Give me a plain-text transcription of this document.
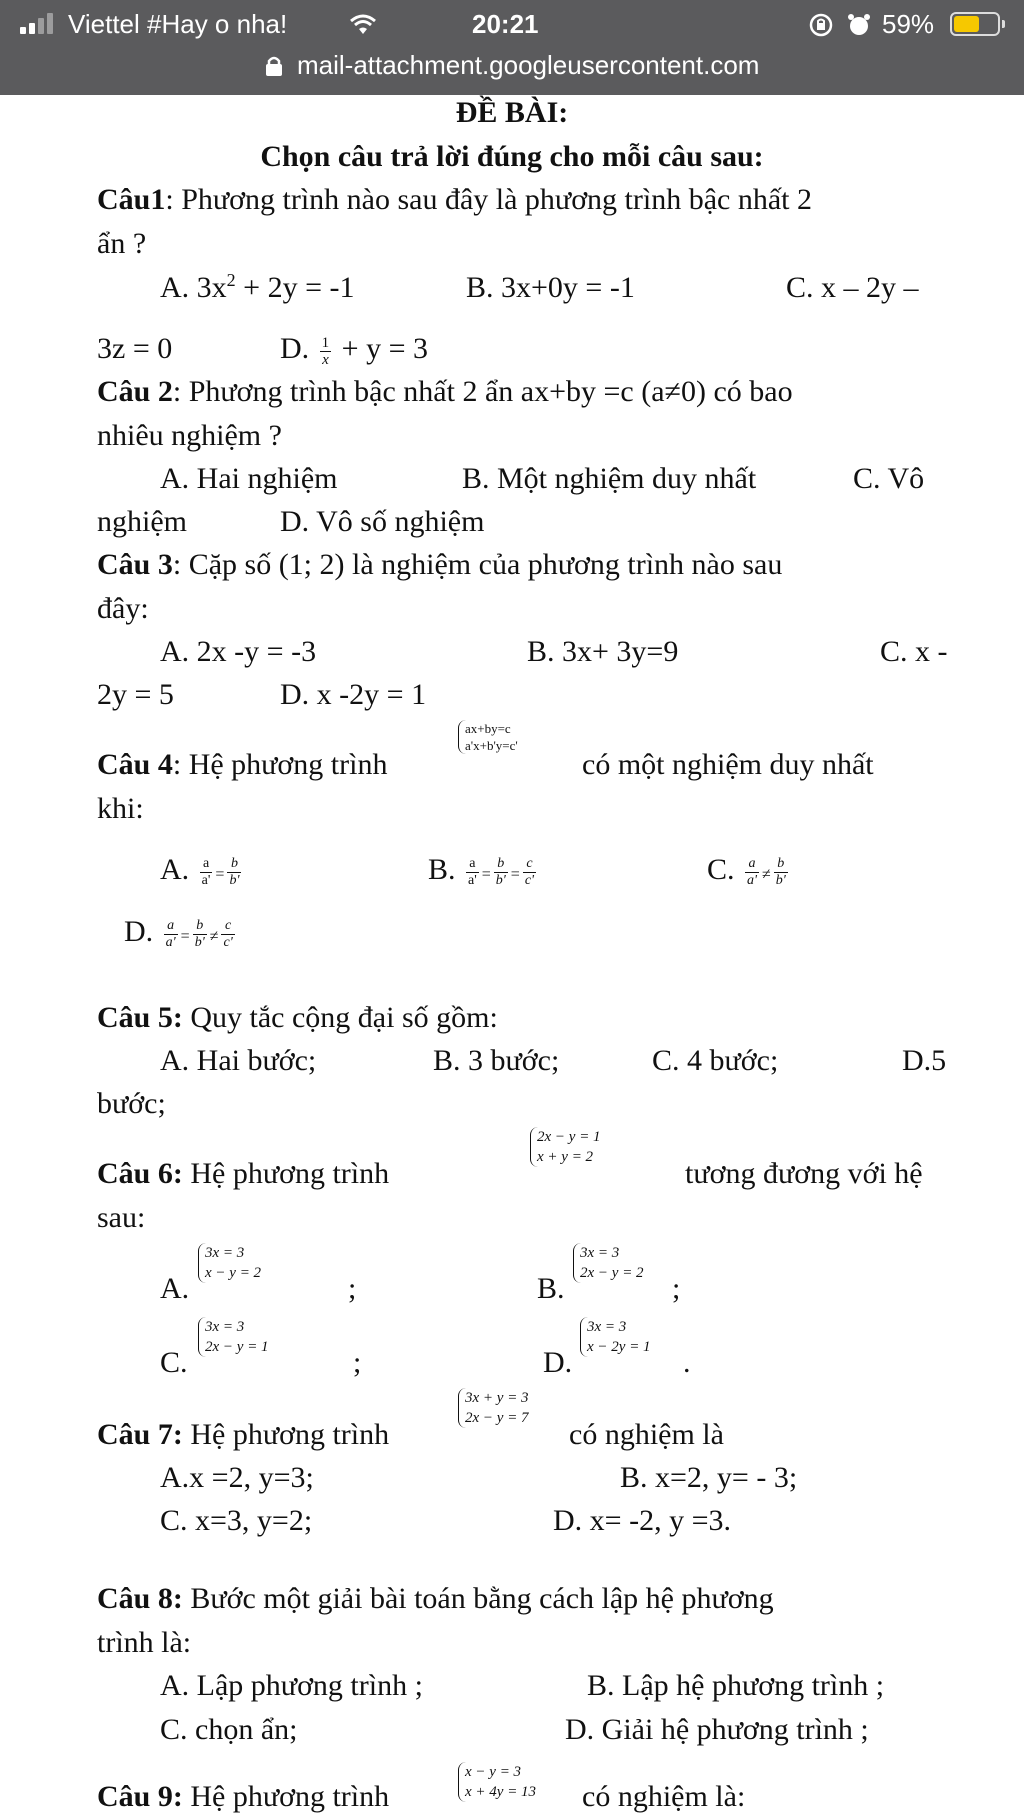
Viettel #Hay o nha!	20:21	59%
mail-attachment.googleusercontent.com
ĐỀ BÀI:
Chọn câu trả lời đúng cho mỗi câu sau:
Câu1: Phương trình nào sau đây là phương trình bậc nhất 2
ẩn ?
A. $3x^2 + 2y = -1$	B. 3x+0y = -1	C. x – 2y –
3z = 0	D. $\frac{1}{x} + y = 3$
Câu 2: Phương trình bậc nhất 2 ẩn ax+by =c (a≠0) có bao
nhiêu nghiệm ?
A. Hai nghiệm	B. Một nghiệm duy nhất	C. Vô
nghiệm	D. Vô số nghiệm
Câu 3: Cặp số (1; 2) là nghiệm của phương trình nào sau
đây:
A. 2x -y = -3	B. 3x+ 3y=9	C. x -
2y = 5	D. x -2y = 1
ax+by=c
a'x+b'y=c'
Câu 4: Hệ phương trình	có một nghiệm duy nhất
khi:
A. $\frac{a}{a'} = \frac{b}{b'}$	B. $\frac{a}{a'} = \frac{b}{b'} = \frac{c}{c'}$	C. $\frac{a}{a'} \ne \frac{b}{b'}$
D. $\frac{a}{a'} = \frac{b}{b'} \ne \frac{c}{c'}$
Câu 5: Quy tắc cộng đại số gồm:
A. Hai bước;	B. 3 bước;	C. 4 bước;	D.5
bước;
2x − y = 1
x + y = 2
Câu 6: Hệ phương trình	tương đương với hệ
sau:
A.
3x = 3
x − y = 2	;	B.
3x = 3
2x − y = 2 ;
C.
3x = 3
2x − y = 1	;	D.
3x = 3
x − 2y = 1 .
3x + y = 3
2x − y = 7
Câu 7: Hệ phương trình	có nghiệm là
A.x =2, y=3;	B. x=2, y= - 3;
C. x=3, y=2;	D. x= -2, y =3.
Câu 8: Bước một giải bài toán bằng cách lập hệ phương
trình là:
A. Lập phương trình ;	B. Lập hệ phương trình ;
C. chọn ẩn;	D. Giải hệ phương trình ;
x − y = 3
x + 4y = 13
Câu 9: Hệ phương trình	có nghiệm là:
